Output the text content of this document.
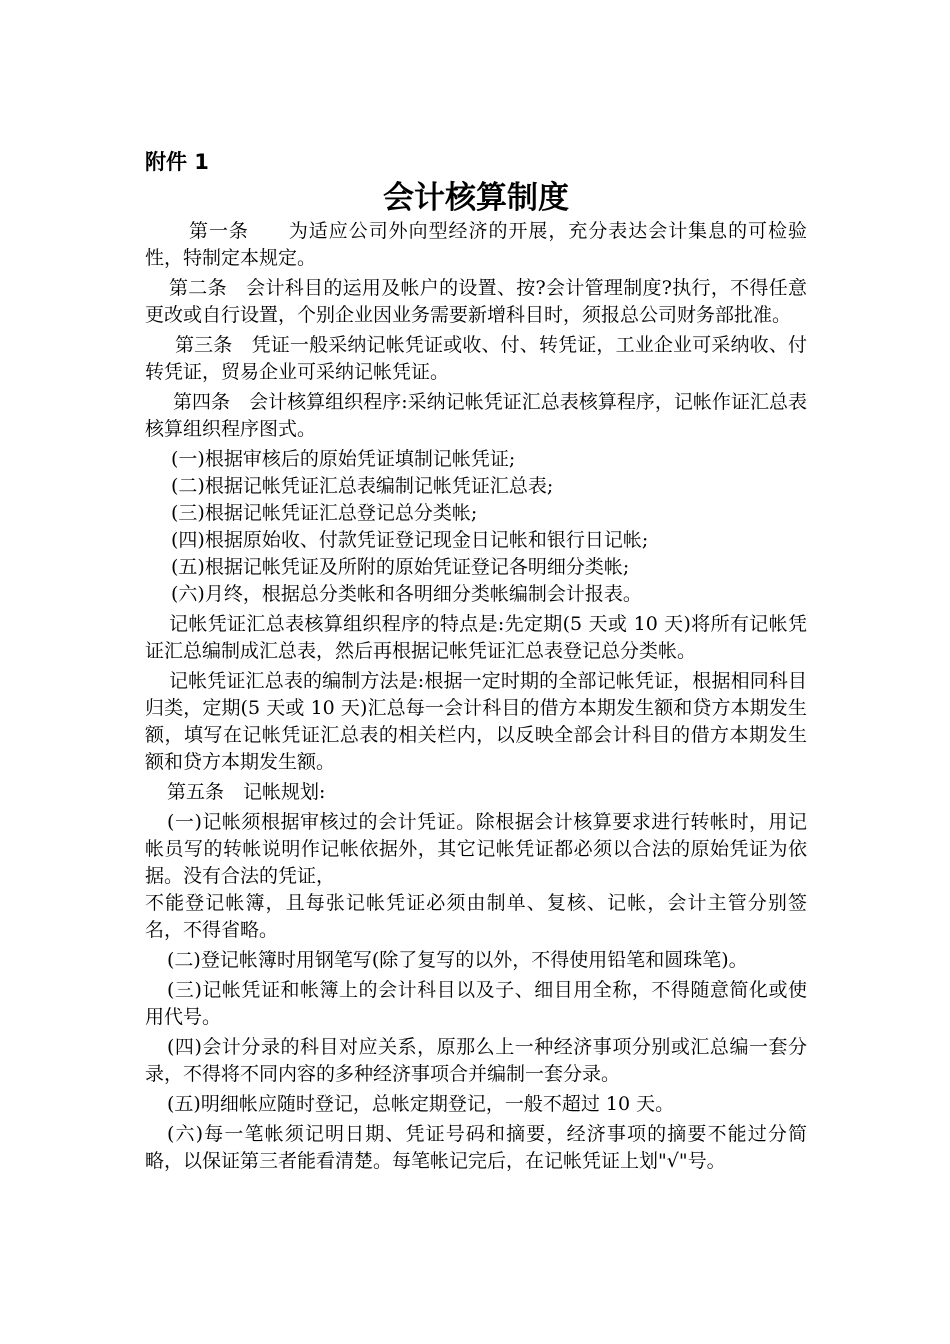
附件 1
会计核算制度

第一条　　为适应公司外向型经济的开展，充分表达会计集息的可检验性，特制定本规定。

第二条　会计科目的运用及帐户的设置、按?会计管理制度?执行，不得任意更改或自行设置，个别企业因业务需要新增科目时，须报总公司财务部批准。

第三条　凭证一般采纳记帐凭证或收、付、转凭证，工业企业可采纳收、付转凭证，贸易企业可采纳记帐凭证。

第四条　会计核算组织程序:采纳记帐凭证汇总表核算程序，记帐作证汇总表核算组织程序图式。

(一)根据审核后的原始凭证填制记帐凭证;

(二)根据记帐凭证汇总表编制记帐凭证汇总表;

(三)根据记帐凭证汇总登记总分类帐;

(四)根据原始收、付款凭证登记现金日记帐和银行日记帐;

(五)根据记帐凭证及所附的原始凭证登记各明细分类帐;

(六)月终，根据总分类帐和各明细分类帐编制会计报表。

记帐凭证汇总表核算组织程序的特点是:先定期(5 天或 10 天)将所有记帐凭证汇总编制成汇总表，然后再根据记帐凭证汇总表登记总分类帐。

记帐凭证汇总表的编制方法是:根据一定时期的全部记帐凭证，根据相同科目归类，定期(5 天或 10 天)汇总每一会计科目的借方本期发生额和贷方本期发生额，填写在记帐凭证汇总表的相关栏内，以反映全部会计科目的借方本期发生额和贷方本期发生额。

第五条　记帐规划:

(一)记帐须根据审核过的会计凭证。除根据会计核算要求进行转帐时，用记帐员写的转帐说明作记帐依据外，其它记帐凭证都必须以合法的原始凭证为依据。没有合法的凭证，

不能登记帐簿，且每张记帐凭证必须由制单、复核、记帐，会计主管分别签名，不得省略。

(二)登记帐簿时用钢笔写(除了复写的以外，不得使用铅笔和圆珠笔)。

(三)记帐凭证和帐簿上的会计科目以及子、细目用全称，不得随意简化或使用代号。

(四)会计分录的科目对应关系，原那么上一种经济事项分别或汇总编一套分录，不得将不同内容的多种经济事项合并编制一套分录。

(五)明细帐应随时登记，总帐定期登记，一般不超过 10 天。

(六)每一笔帐须记明日期、凭证号码和摘要，经济事项的摘要不能过分简略，以保证第三者能看清楚。每笔帐记完后，在记帐凭证上划"√"号。
